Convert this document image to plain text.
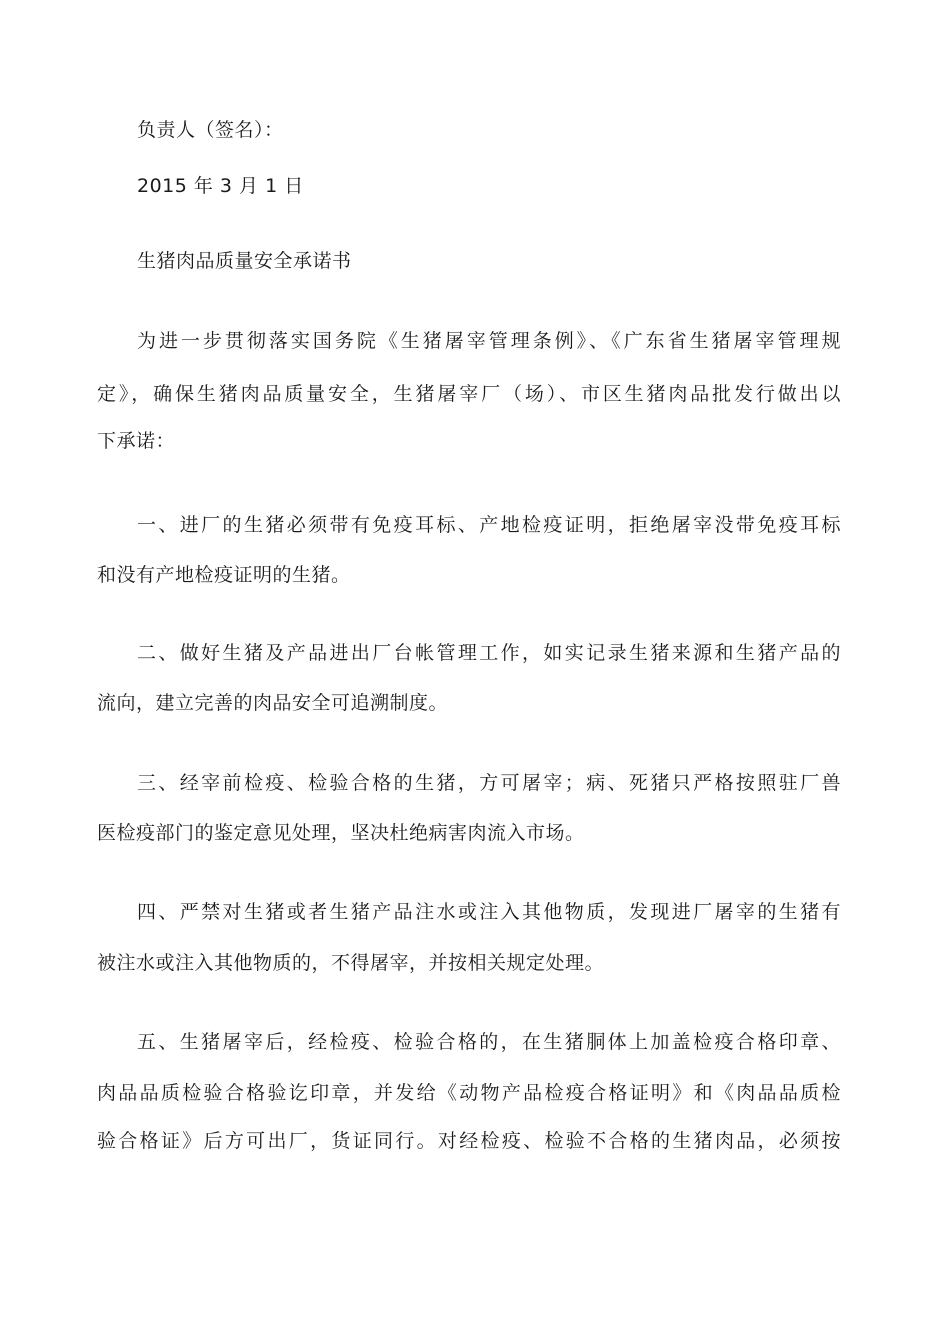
负责人（签名）：
2015 年 3 月 1 日
生猪肉品质量安全承诺书
为进一步贯彻落实国务院《生猪屠宰管理条例》、《广东省生猪屠宰管理规
定》，确保生猪肉品质量安全，生猪屠宰厂（场）、市区生猪肉品批发行做出以
下承诺：
一、进厂的生猪必须带有免疫耳标、产地检疫证明，拒绝屠宰没带免疫耳标
和没有产地检疫证明的生猪。
二、做好生猪及产品进出厂台帐管理工作，如实记录生猪来源和生猪产品的
流向，建立完善的肉品安全可追溯制度。
三、经宰前检疫、检验合格的生猪，方可屠宰；病、死猪只严格按照驻厂兽
医检疫部门的鉴定意见处理，坚决杜绝病害肉流入市场。
四、严禁对生猪或者生猪产品注水或注入其他物质，发现进厂屠宰的生猪有
被注水或注入其他物质的，不得屠宰，并按相关规定处理。
五、生猪屠宰后，经检疫、检验合格的，在生猪胴体上加盖检疫合格印章、
肉品品质检验合格验讫印章，并发给《动物产品检疫合格证明》和《肉品品质检
验合格证》后方可出厂，货证同行。对经检疫、检验不合格的生猪肉品，必须按
